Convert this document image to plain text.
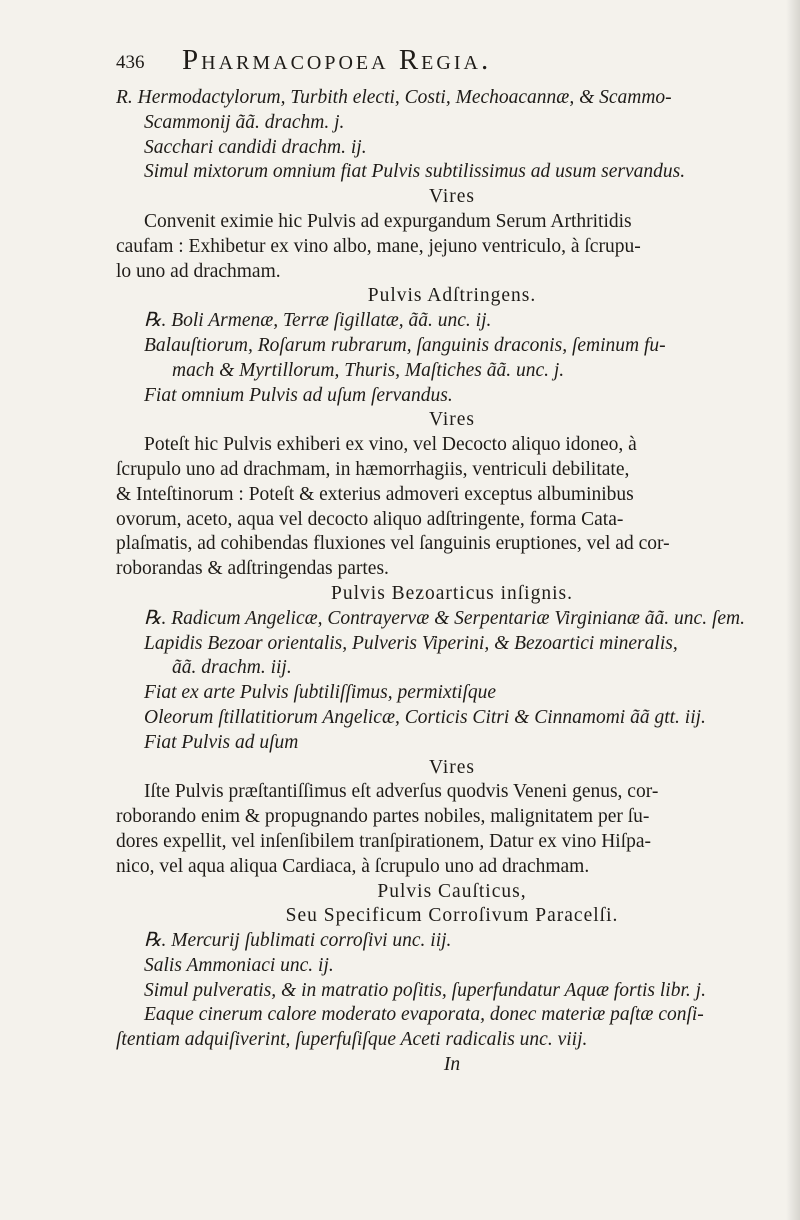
436 Pharmacopoea Regia.
R. Hermodactylorum, Turbith electi, Costi, Mechoacannæ, & Scammo-
Scammonij ãã. drachm. j.
Sacchari candidi drachm. ij.
Simul mixtorum omnium fiat Pulvis subtilissimus ad usum servandus.
Vires
Convenit eximie hic Pulvis ad expurgandum Serum Arthritidis
caufam : Exhibetur ex vino albo, mane, jejuno ventriculo, à ſcrupu-
lo uno ad drachmam.
Pulvis Adſtringens.
℞. Boli Armenæ, Terræ ſigillatæ, ãã. unc. ij.
Balauſtiorum, Roſarum rubrarum, ſanguinis draconis, ſeminum fu-
mach & Myrtillorum, Thuris, Maſtiches ãã. unc. j.
Fiat omnium Pulvis ad uſum ſervandus.
Vires
Poteſt hic Pulvis exhiberi ex vino, vel Decocto aliquo idoneo, à
ſcrupulo uno ad drachmam, in hæmorrhagiis, ventriculi debilitate,
& Inteſtinorum : Poteſt & exterius admoveri exceptus albuminibus
ovorum, aceto, aqua vel decocto aliquo adſtringente, forma Cata-
plaſmatis, ad cohibendas fluxiones vel ſanguinis eruptiones, vel ad cor-
roborandas & adſtringendas partes.
Pulvis Bezoarticus inſignis.
℞. Radicum Angelicæ, Contrayervæ & Serpentariæ Virginianæ ãã. unc. ſem.
Lapidis Bezoar orientalis, Pulveris Viperini, & Bezoartici mineralis,
ãã. drachm. iij.
Fiat ex arte Pulvis ſubtiliſſimus, permixtiſque
Oleorum ſtillatitiorum Angelicæ, Corticis Citri & Cinnamomi ãã gtt. iij.
Fiat Pulvis ad uſum
Vires
Iſte Pulvis præſtantiſſimus eſt adverſus quodvis Veneni genus, cor-
roborando enim & propugnando partes nobiles, malignitatem per ſu-
dores expellit, vel inſenſibilem tranſpirationem, Datur ex vino Hiſpa-
nico, vel aqua aliqua Cardiaca, à ſcrupulo uno ad drachmam.
Pulvis Cauſticus,
Seu Specificum Corroſivum Paracelſi.
℞. Mercurij ſublimati corroſivi unc. iij.
Salis Ammoniaci unc. ij.
Simul pulveratis, & in matratio poſitis, ſuperfundatur Aquæ fortis libr. j.
Eaque cinerum calore moderato evaporata, donec materiæ paſtæ conſi-
ſtentiam adquiſiverint, ſuperfuſiſque Aceti radicalis unc. viij.
In
